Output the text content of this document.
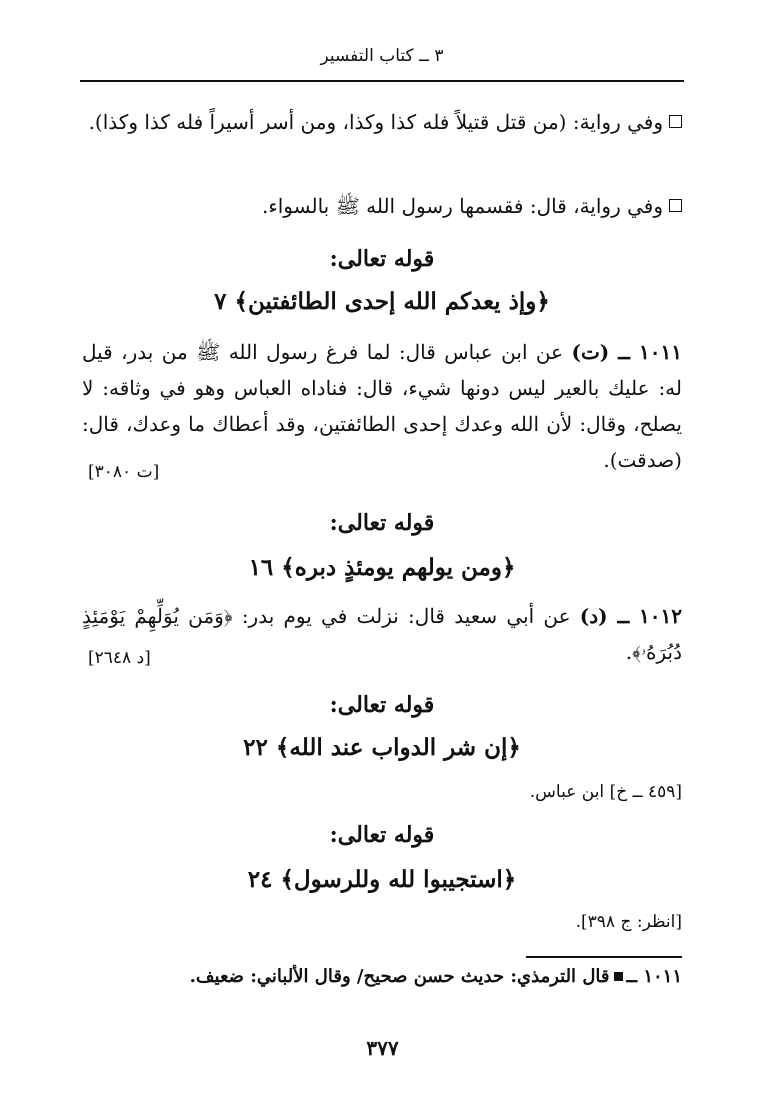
٣ ــ كتاب التفسير
وفي رواية: (من قتل قتيلاً فله كذا وكذا، ومن أسر أسيراً فله كذا وكذا).
وفي رواية، قال: فقسمها رسول الله ﷺ بالسواء.
قوله تعالى:
﴿وإذ يعدكم الله إحدى الطائفتين﴾ ٧
١٠١١ ــ (ت) عن ابن عباس قال: لما فرغ رسول الله ﷺ من بدر، قيل له: عليك بالعير ليس دونها شيء، قال: فناداه العباس وهو في وثاقه: لا يصلح، وقال: لأن الله وعدك إحدى الطائفتين، وقد أعطاك ما وعدك، قال: (صدقت).
[ت ٣٠٨٠]
قوله تعالى:
﴿ومن يولهم يومئذٍ دبره﴾ ١٦
١٠١٢ ــ (د) عن أبي سعيد قال: نزلت في يوم بدر: ﴿وَمَن يُوَلِّهِمْ يَوْمَئِذٍ دُبُرَهُۥ﴾.
[د ٢٦٤٨]
قوله تعالى:
﴿إن شر الدواب عند الله﴾ ٢٢
[٤٥٩ ــ خ] ابن عباس.
قوله تعالى:
﴿استجيبوا لله وللرسول﴾ ٢٤
[انظر: ج ٣٩٨].
١٠١١ ــقال الترمذي: حديث حسن صحيح/ وقال الألباني: ضعيف.
٣٧٧
